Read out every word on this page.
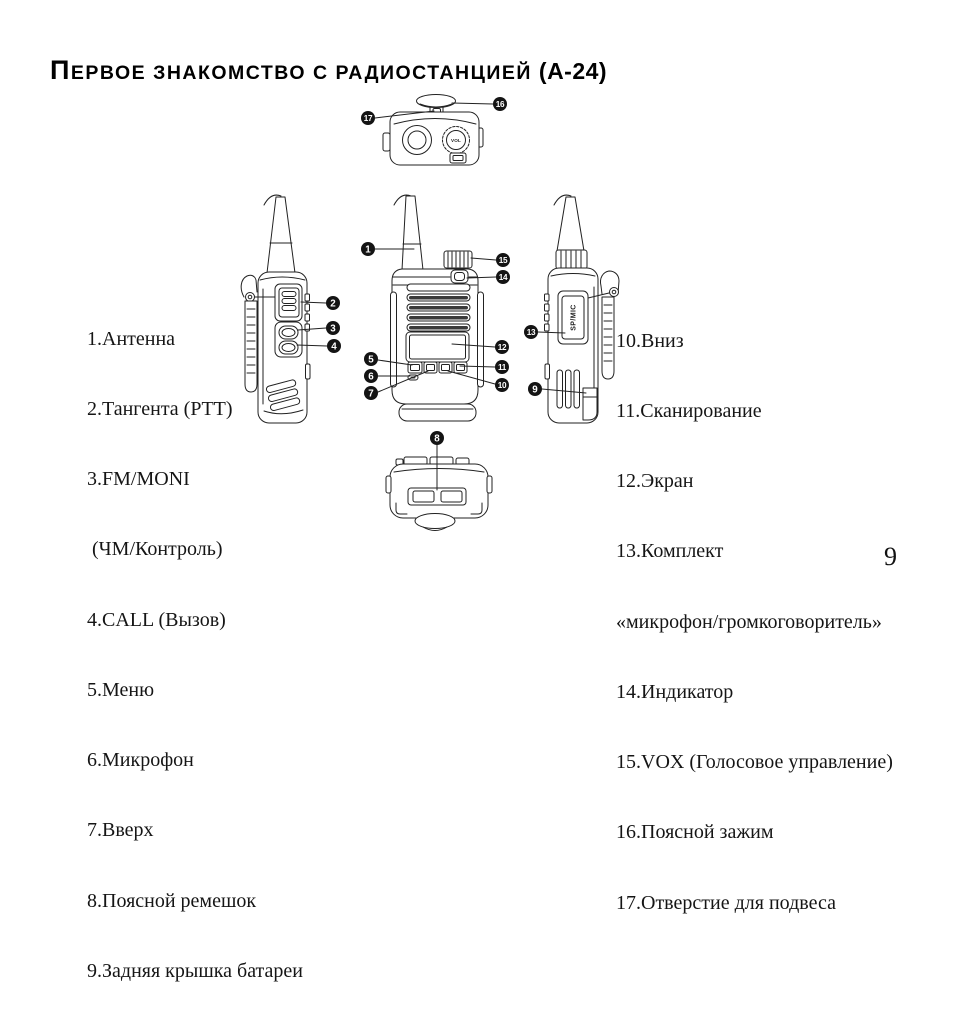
ПЕРВОЕ ЗНАКОМСТВО С РАДИОСТАНЦИЕЙ (A-24)
VOL
SP/MIC
1
2
3
4
5
6
7
8
9
10
11
12
13
14
15
16
17

1.Антенна

2.Тангента (PTT)

3.FM/MONI

(ЧМ/Контроль)

4.CALL (Вызов)

5.Меню

6.Микрофон

7.Вверх

8.Поясной ремешок

9.Задняя крышка батареи

10.Вниз

11.Сканирование

12.Экран

13.Комплект

«микрофон/громкоговоритель»

14.Индикатор

15.VOX (Голосовое управление)

16.Поясной зажим

17.Отверстие для подвеса

9
